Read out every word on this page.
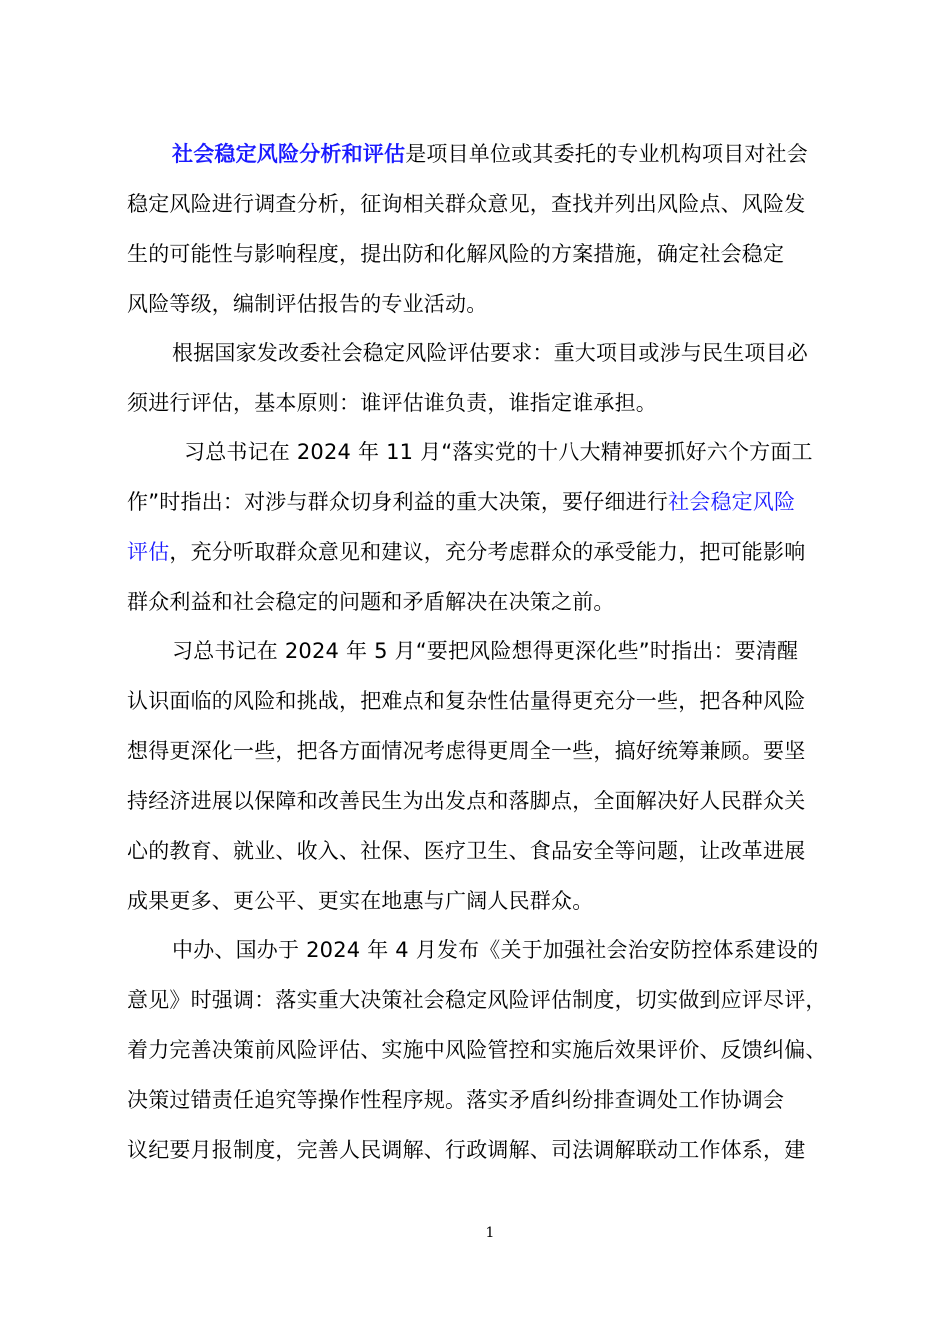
社会稳定风险分析和评估是项目单位或其委托的专业机构项目对社会
稳定风险进行调查分析，征询相关群众意见，查找并列出风险点、风险发
生的可能性与影响程度，提出防和化解风险的方案措施，确定社会稳定
风险等级，编制评估报告的专业活动。
根据国家发改委社会稳定风险评估要求：重大项目或涉与民生项目必
须进行评估，基本原则：谁评估谁负责，谁指定谁承担。
习总书记在 2024 年 11 月“落实党的十八大精神要抓好六个方面工
作”时指出：对涉与群众切身利益的重大决策，要仔细进行社会稳定风险
评估，充分听取群众意见和建议，充分考虑群众的承受能力，把可能影响
群众利益和社会稳定的问题和矛盾解决在决策之前。
习总书记在 2024 年 5 月“要把风险想得更深化些”时指出：要清醒
认识面临的风险和挑战，把难点和复杂性估量得更充分一些，把各种风险
想得更深化一些，把各方面情况考虑得更周全一些，搞好统筹兼顾。要坚
持经济进展以保障和改善民生为出发点和落脚点，全面解决好人民群众关
心的教育、就业、收入、社保、医疗卫生、食品安全等问题，让改革进展
成果更多、更公平、更实在地惠与广阔人民群众。
中办、国办于 2024 年 4 月发布《关于加强社会治安防控体系建设的
意见》时强调：落实重大决策社会稳定风险评估制度，切实做到应评尽评，
着力完善决策前风险评估、实施中风险管控和实施后效果评价、反馈纠偏、
决策过错责任追究等操作性程序规。落实矛盾纠纷排查调处工作协调会
议纪要月报制度，完善人民调解、行政调解、司法调解联动工作体系，建
1
